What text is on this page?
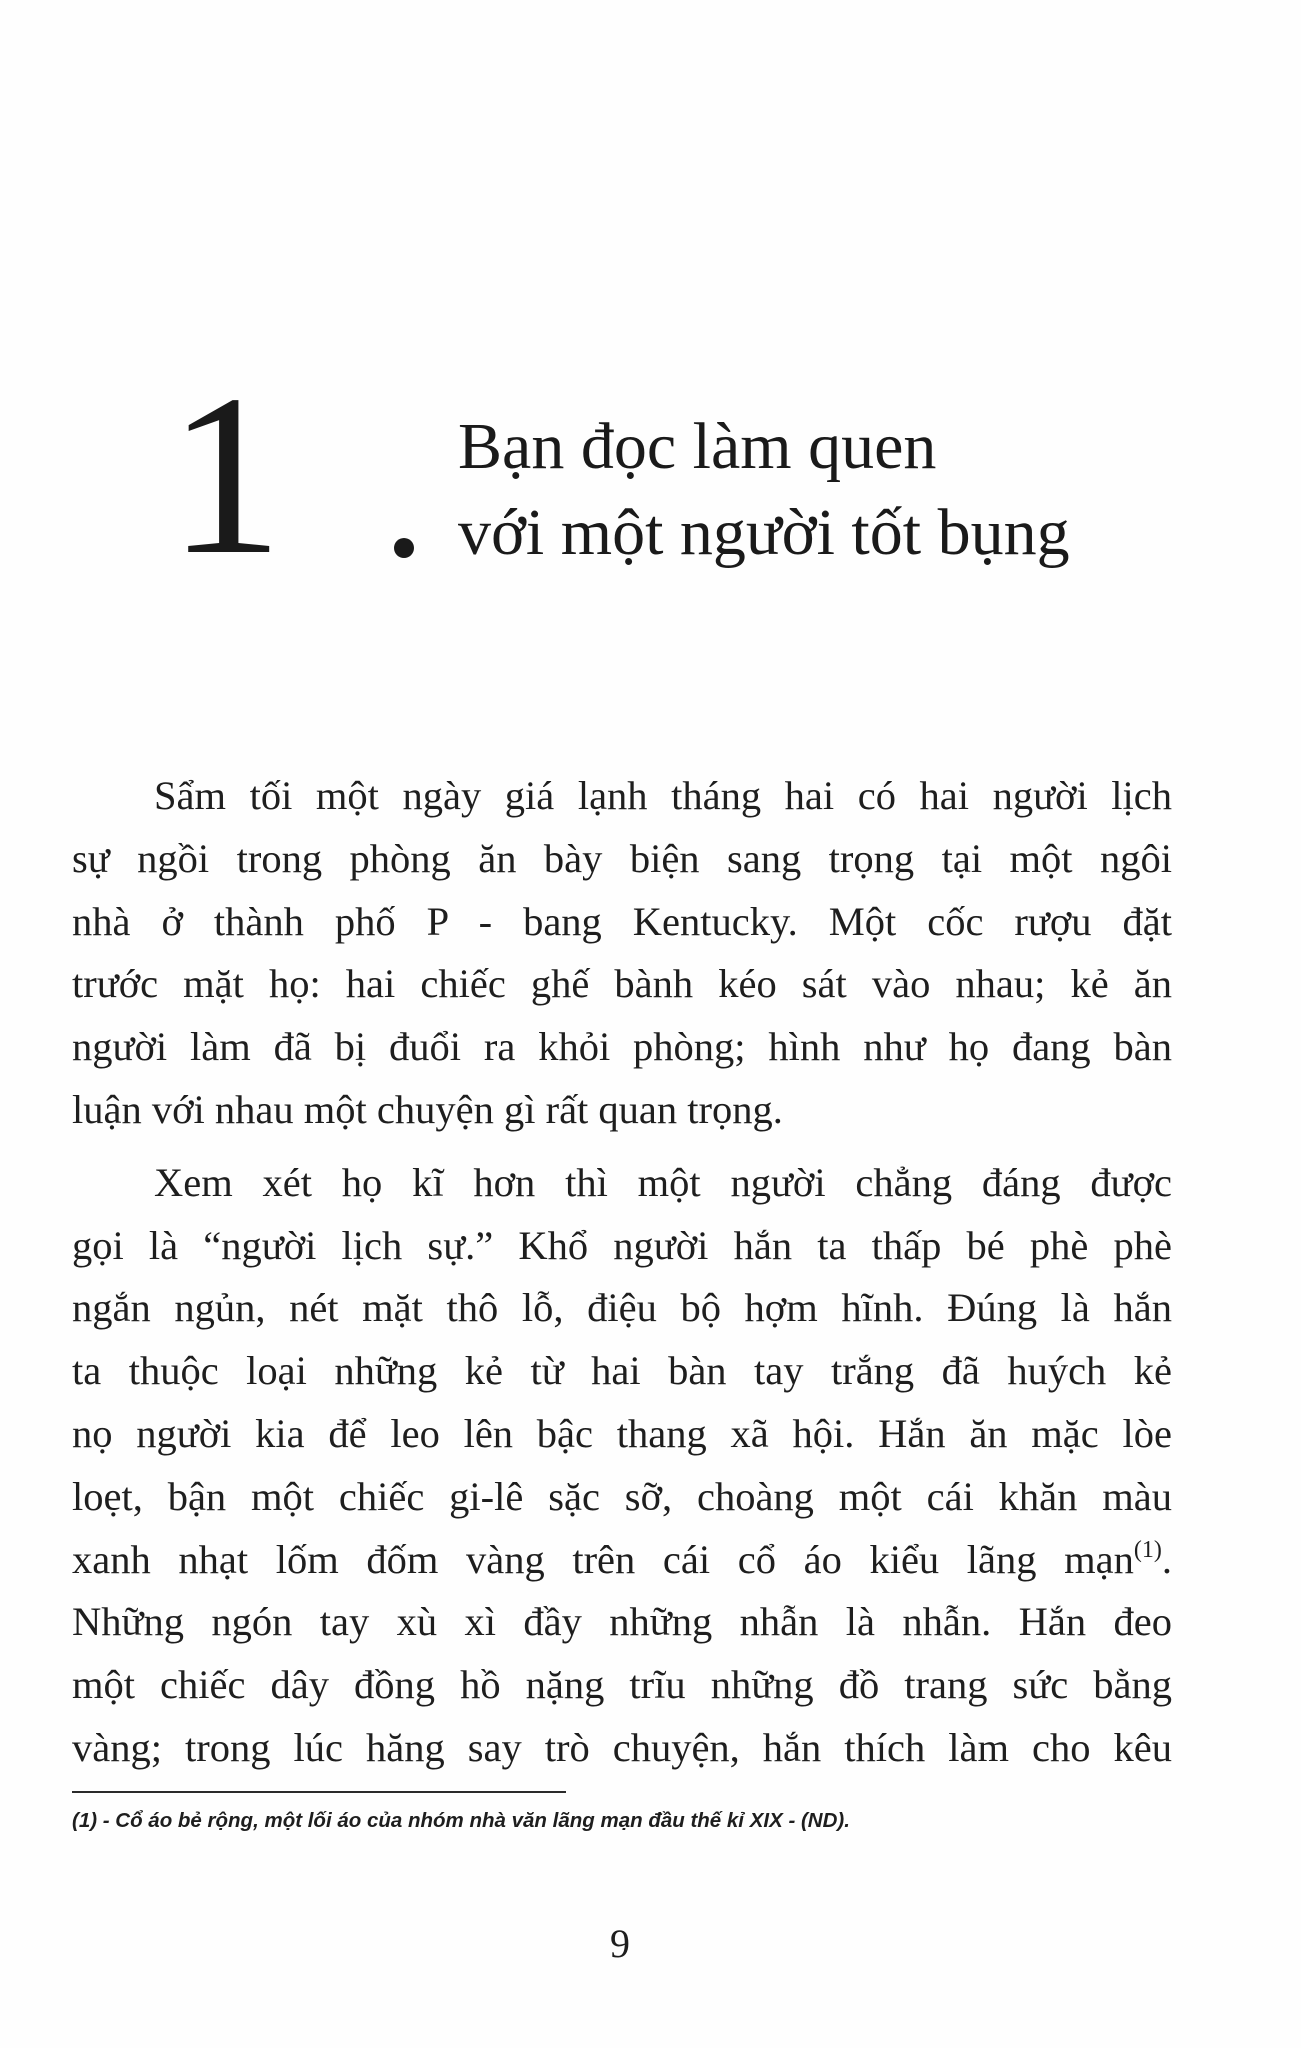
1	Bạn đọc làm quen
với một người tốt bụng
Sẩm tối một ngày giá lạnh tháng hai có hai người lịch
sự ngồi trong phòng ăn bày biện sang trọng tại một ngôi
nhà ở thành phố P - bang Kentucky. Một cốc rượu đặt
trước mặt họ: hai chiếc ghế bành kéo sát vào nhau; kẻ ăn
người làm đã bị đuổi ra khỏi phòng; hình như họ đang bàn
luận với nhau một chuyện gì rất quan trọng.
Xem xét họ kĩ hơn thì một người chẳng đáng được
gọi là “người lịch sự.” Khổ người hắn ta thấp bé phè phè
ngắn ngủn, nét mặt thô lỗ, điệu bộ hợm hĩnh. Đúng là hắn
ta thuộc loại những kẻ từ hai bàn tay trắng đã huých kẻ
nọ người kia để leo lên bậc thang xã hội. Hắn ăn mặc lòe
loẹt, bận một chiếc gi-lê sặc sỡ, choàng một cái khăn màu
xanh nhạt lốm đốm vàng trên cái cổ áo kiểu lãng mạn$^{(1)}$.
Những ngón tay xù xì đầy những nhẫn là nhẫn. Hắn đeo
một chiếc dây đồng hồ nặng trĩu những đồ trang sức bằng
vàng; trong lúc hăng say trò chuyện, hắn thích làm cho kêu
(1) - Cổ áo bẻ rộng, một lối áo của nhóm nhà văn lãng mạn đầu thế kỉ XIX - (ND).
9
